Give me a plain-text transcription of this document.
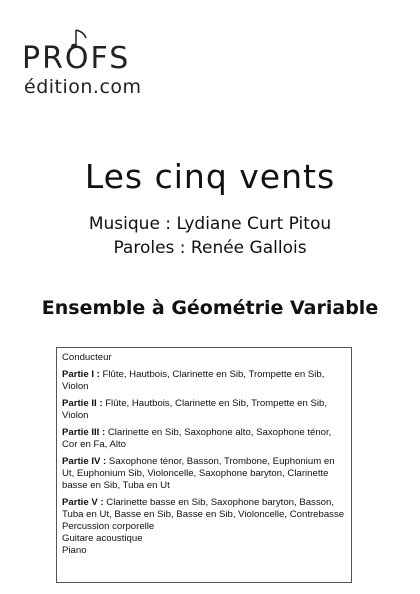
PROFS
édition.com
Les cinq vents
Musique : Lydiane Curt Pitou
Paroles : Renée Gallois
Ensemble à Géométrie Variable
Conducteur
Partie I : Flûte, Hautbois, Clarinette en Sib, Trompette en Sib, Violon
Partie II : Flûte, Hautbois, Clarinette en Sib, Trompette en Sib, Violon
Partie III : Clarinette en Sib, Saxophone alto, Saxophone ténor, Cor en Fa, Alto
Partie IV : Saxophone ténor, Basson, Trombone, Euphonium en Ut, Euphonium Sib, Violoncelle, Saxophone baryton, Clarinette basse en Sib, Tuba en Ut
Partie V : Clarinette basse en Sib, Saxophone baryton, Basson, Tuba en Ut, Basse en Sib, Basse en Sib, Violoncelle, Contrebasse
Percussion corporelle
Guitare acoustique
Piano
